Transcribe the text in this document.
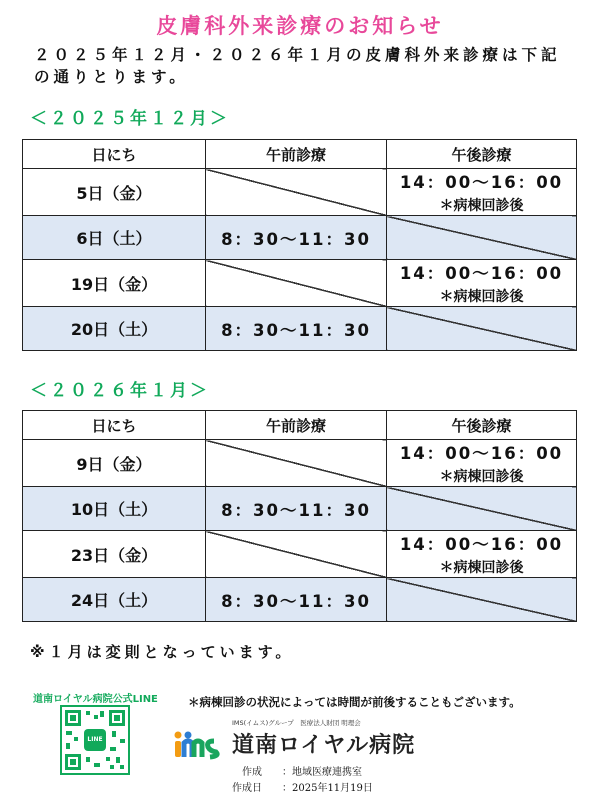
皮膚科外来診療のお知らせ
２０２５年１２月・２０２６年１月の皮膚科外来診療は下記の通りとります。
＜２０２５年１２月＞
日にち	午前診療	午後診療
5日（金）		14：00～16：00
＊病棟回診後

6日（土）	8：30～11：30	

19日（金）		14：00～16：00
＊病棟回診後

20日（土）	8：30～11：30	

＜２０２６年１月＞
日にち	午前診療	午後診療
9日（金）		14：00～16：00
＊病棟回診後

10日（土）	8：30～11：30	

23日（金）		14：00～16：00
＊病棟回診後

24日（土）	8：30～11：30	

※１月は変則となっています。
道南ロイヤル病院公式LINE
LINE
＊病棟回診の状況によっては時間が前後することもございます。
IMS(イムス)グループ　医療法人財団 明理会
道南ロイヤル病院
作成　 ：地域医療連携室
作成日 ：2025年11月19日
